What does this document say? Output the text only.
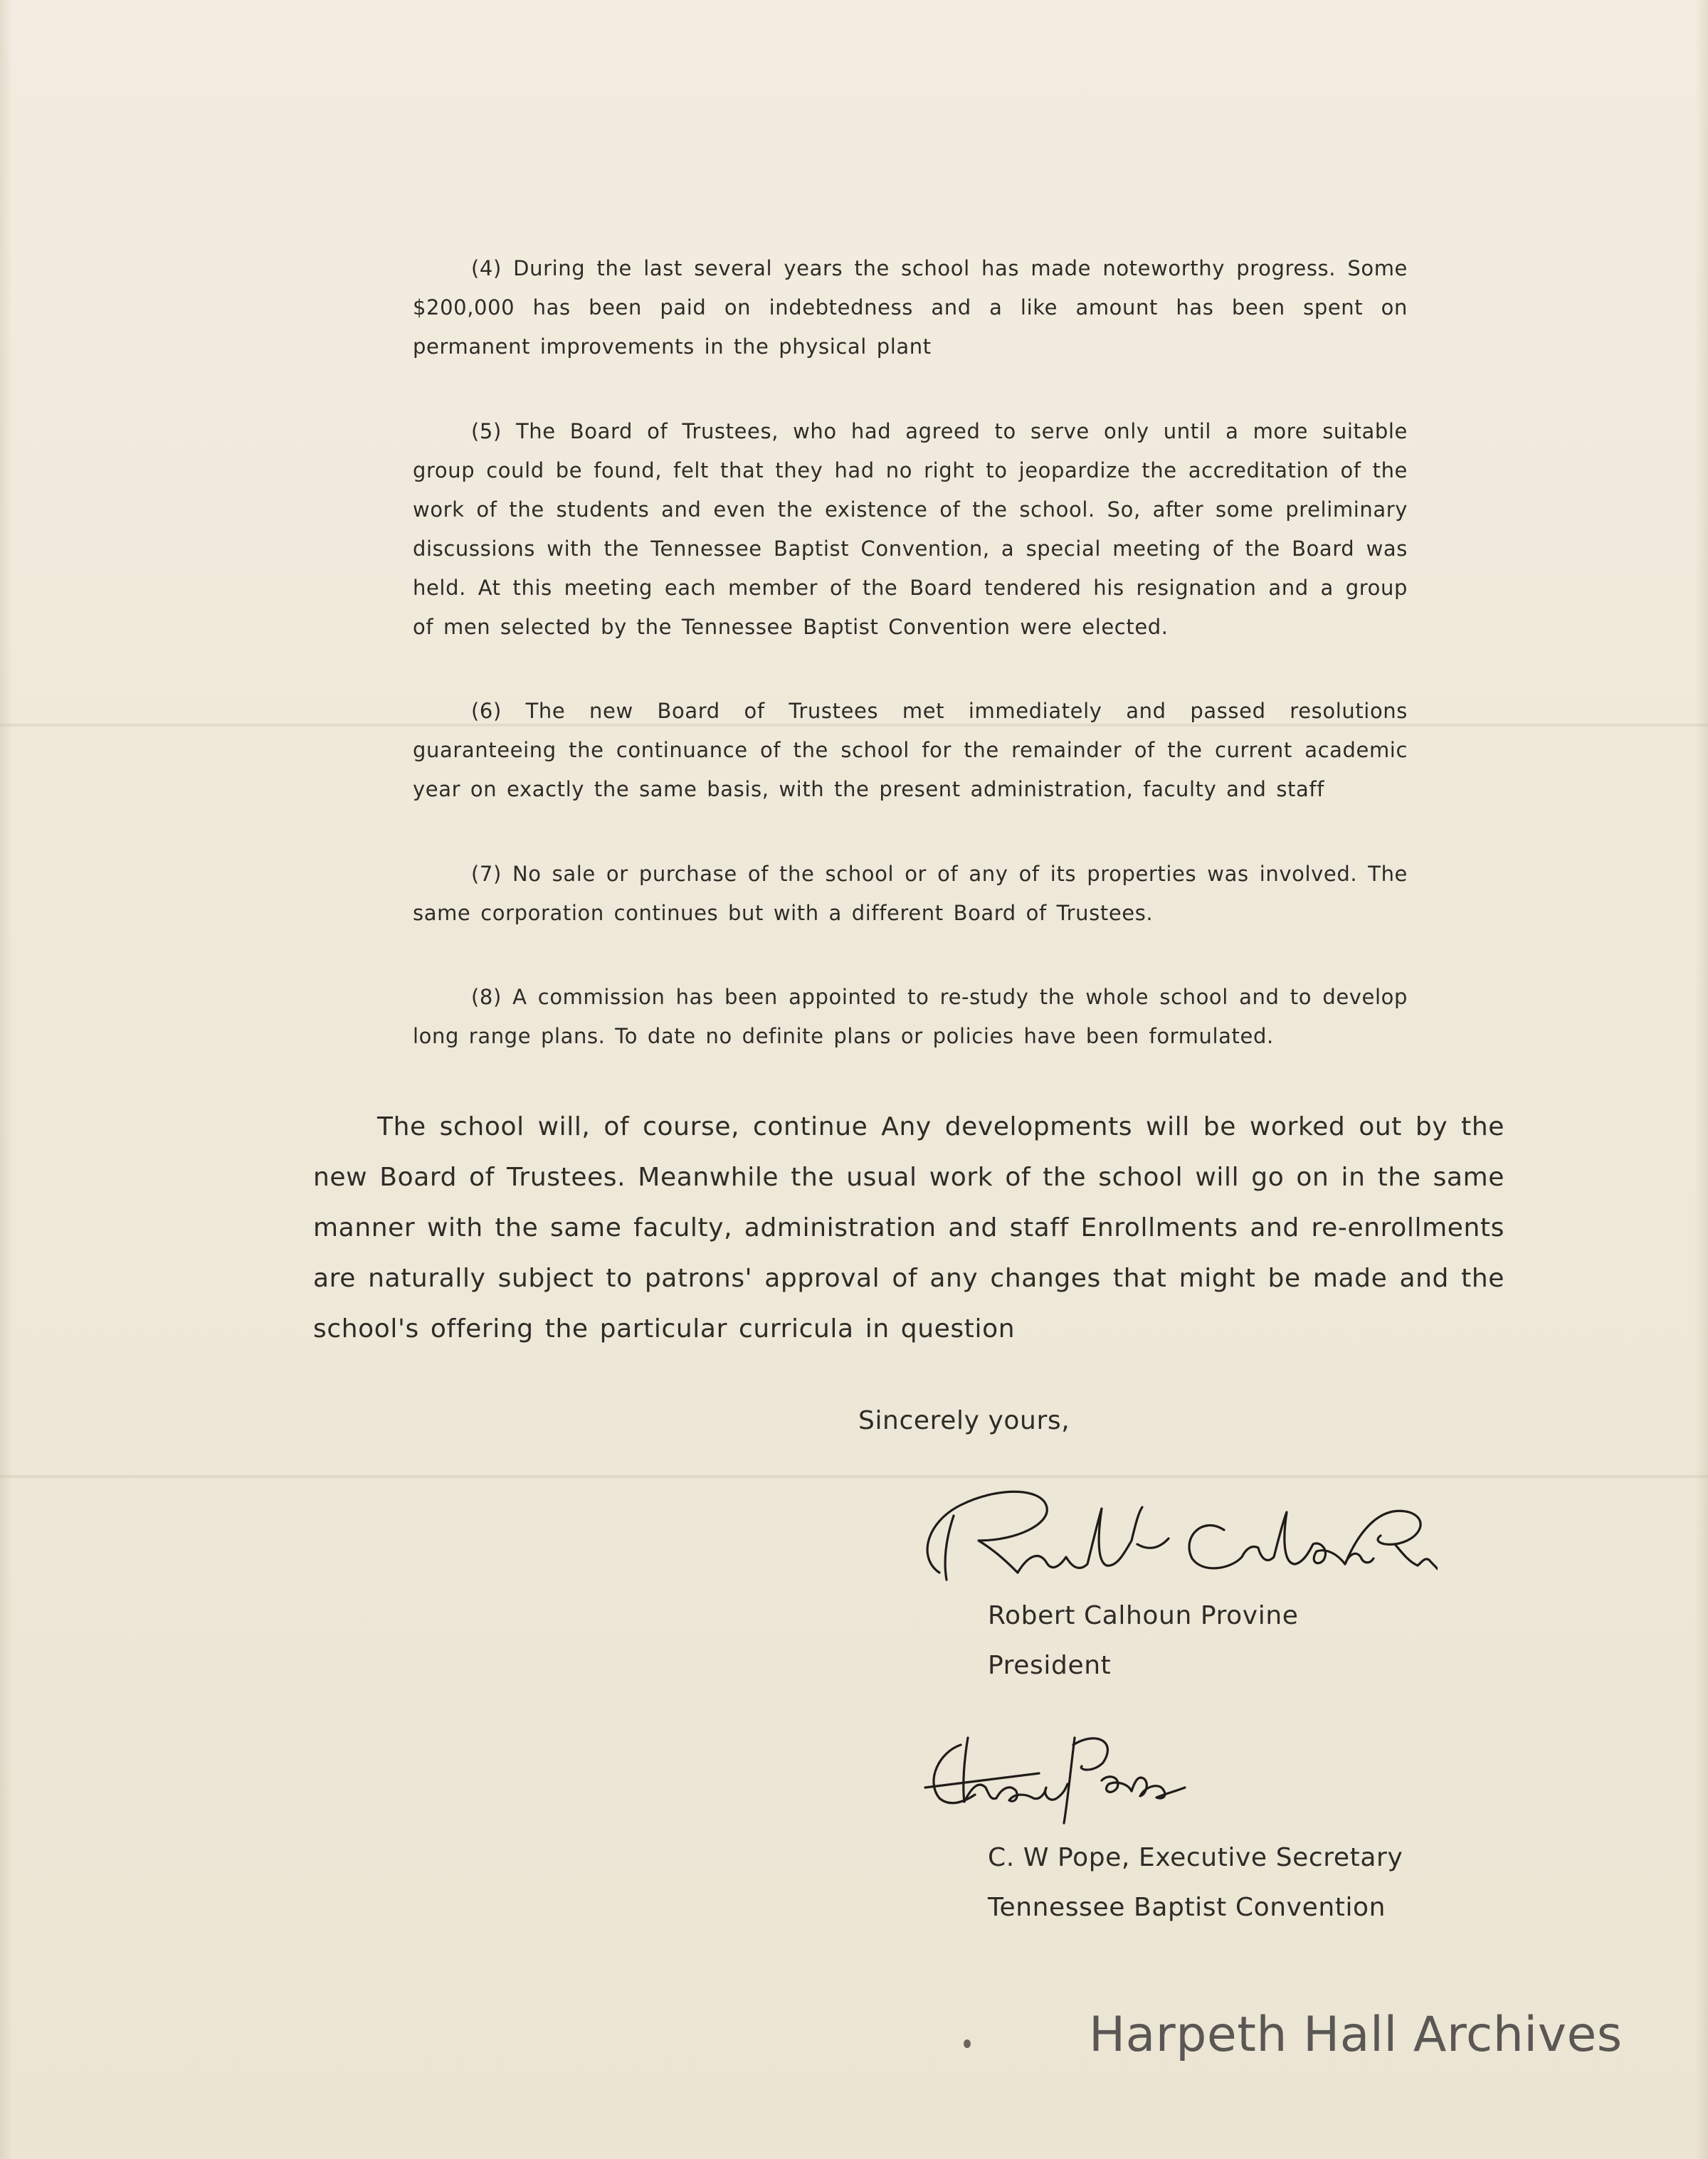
(4) During the last several years the school has made noteworthy progress. Some $200,000 has been paid on indebtedness and a like amount has been spent on permanent improvements in the physical plant

(5) The Board of Trustees, who had agreed to serve only until a more suitable group could be found, felt that they had no right to jeopardize the accreditation of the work of the students and even the existence of the school. So, after some preliminary discussions with the Tennessee Baptist Convention, a special meeting of the Board was held. At this meeting each member of the Board tendered his resignation and a group of men selected by the Tennessee Baptist Convention were elected.

(6) The new Board of Trustees met immediately and passed resolutions guaranteeing the continuance of the school for the remainder of the current academic year on exactly the same basis, with the present administration, faculty and staff

(7) No sale or purchase of the school or of any of its properties was involved. The same corporation continues but with a different Board of Trustees.

(8) A commission has been appointed to re-study the whole school and to develop long range plans. To date no definite plans or policies have been formulated.

The school will, of course, continue Any developments will be worked out by the new Board of Trustees. Meanwhile the usual work of the school will go on in the same manner with the same faculty, administration and staff Enrollments and re-enrollments are naturally subject to patrons' approval of any changes that might be made and the school's offering the particular curricula in question

Sincerely yours,

Robert Calhoun Provine
President
C. W Pope, Executive Secretary
Tennessee Baptist Convention
Harpeth Hall Archives
